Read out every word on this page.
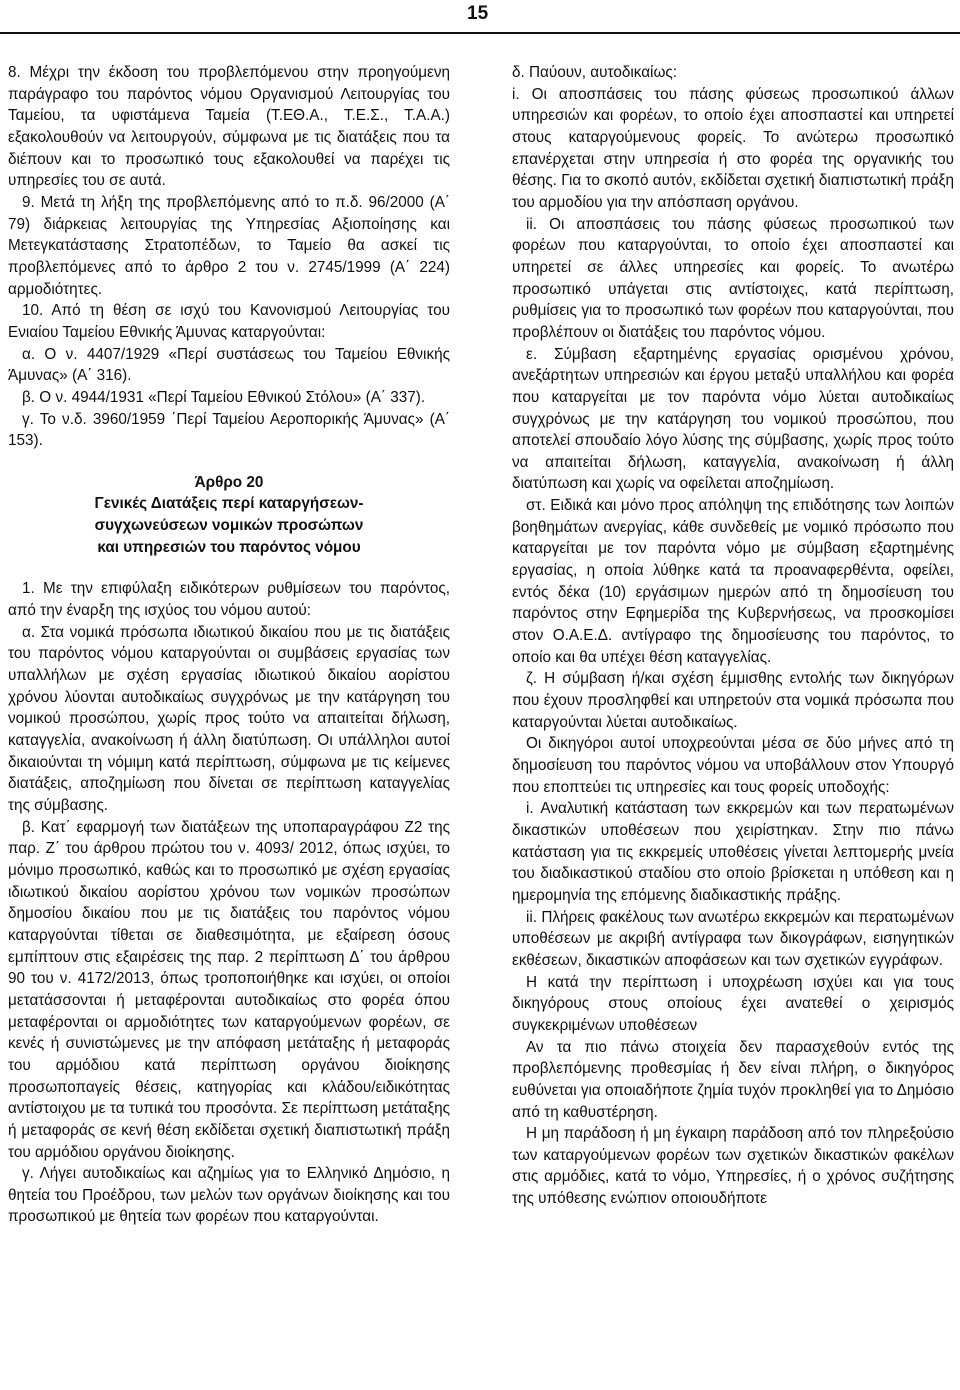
15

8. Μέχρι την έκδοση του προβλεπόμενου στην προηγούμενη παράγραφο του παρόντος νόμου Οργανισμού Λειτουργίας του Ταμείου, τα υφιστάμενα Ταμεία (Τ.ΕΘ.Α., Τ.Ε.Σ., Τ.Α.Α.) εξακολουθούν να λειτουργούν, σύμφωνα με τις διατάξεις που τα διέπουν και το προσωπικό τους εξακολουθεί να παρέχει τις υπηρεσίες του σε αυτά.

9. Μετά τη λήξη της προβλεπόμενης από το π.δ. 96/2000 (Α΄ 79) διάρκειας λειτουργίας της Υπηρεσίας Αξιοποίησης και Μετεγκατάστασης Στρατοπέδων, το Ταμείο θα ασκεί τις προβλεπόμενες από το άρθρο 2 του ν. 2745/1999 (Α΄ 224) αρμοδιότητες.

10. Από τη θέση σε ισχύ του Κανονισμού Λειτουργίας του Ενιαίου Ταμείου Εθνικής Άμυνας καταργούνται:

α. Ο ν. 4407/1929 «Περί συστάσεως του Ταμείου Εθνικής Άμυνας» (Α΄ 316).

β. Ο ν. 4944/1931 «Περί Ταμείου Εθνικού Στόλου» (Α΄ 337).

γ. Το ν.δ. 3960/1959 ΄Περί Ταμείου Αεροπορικής Άμυνας» (Α΄ 153).

Άρθρο 20
Γενικές Διατάξεις περί καταργήσεων-
συγχωνεύσεων νομικών προσώπων
και υπηρεσιών του παρόντος νόμου

1. Με την επιφύλαξη ειδικότερων ρυθμίσεων του παρόντος, από την έναρξη της ισχύος του νόμου αυτού:

α. Στα νομικά πρόσωπα ιδιωτικού δικαίου που με τις διατάξεις του παρόντος νόμου καταργούνται οι συμβάσεις εργασίας των υπαλλήλων με σχέση εργασίας ιδιωτικού δικαίου αορίστου χρόνου λύονται αυτοδικαίως συγχρόνως με την κατάργηση του νομικού προσώπου, χωρίς προς τούτο να απαιτείται δήλωση, καταγγελία, ανακοίνωση ή άλλη διατύπωση. Οι υπάλληλοι αυτοί δικαιούνται τη νόμιμη κατά περίπτωση, σύμφωνα με τις κείμενες διατάξεις, αποζημίωση που δίνεται σε περίπτωση καταγγελίας της σύμβασης.

β. Κατ΄ εφαρμογή των διατάξεων της υποπαραγράφου Ζ2 της παρ. Ζ΄ του άρθρου πρώτου του ν. 4093/ 2012, όπως ισχύει, το μόνιμο προσωπικό, καθώς και το προσωπικό με σχέση εργασίας ιδιωτικού δικαίου αορίστου χρόνου των νομικών προσώπων δημοσίου δικαίου που με τις διατάξεις του παρόντος νόμου καταργούνται τίθεται σε διαθεσιμότητα, με εξαίρεση όσους εμπίπτουν στις εξαιρέσεις της παρ. 2 περίπτωση Δ΄ του άρθρου 90 του ν. 4172/2013, όπως τροποποιήθηκε και ισχύει, οι οποίοι μετατάσσονται ή μεταφέρονται αυτοδικαίως στο φορέα όπου μεταφέρονται οι αρμοδιότητες των καταργούμενων φορέων, σε κενές ή συνιστώμενες με την απόφαση μετάταξης ή μεταφοράς του αρμόδιου κατά περίπτωση οργάνου διοίκησης προσωποπαγείς θέσεις, κατηγορίας και κλάδου/ειδικότητας αντίστοιχου με τα τυπικά του προσόντα. Σε περίπτωση μετάταξης ή μεταφοράς σε κενή θέση εκδίδεται σχετική διαπιστωτική πράξη του αρμόδιου οργάνου διοίκησης.

γ. Λήγει αυτοδικαίως και αζημίως για το Ελληνικό Δημόσιο, η θητεία του Προέδρου, των μελών των οργάνων διοίκησης και του προσωπικού με θητεία των φορέων που καταργούνται.

δ. Παύουν, αυτοδικαίως:

i. Οι αποσπάσεις του πάσης φύσεως προσωπικού άλλων υπηρεσιών και φορέων, το οποίο έχει αποσπαστεί και υπηρετεί στους καταργούμενους φορείς. Το ανώτερω προσωπικό επανέρχεται στην υπηρεσία ή στο φορέα της οργανικής του θέσης. Για το σκοπό αυτόν, εκδίδεται σχετική διαπιστωτική πράξη του αρμοδίου για την απόσπαση οργάνου.

ii. Οι αποσπάσεις του πάσης φύσεως προσωπικού των φορέων που καταργούνται, το οποίο έχει αποσπαστεί και υπηρετεί σε άλλες υπηρεσίες και φορείς. Το ανωτέρω προσωπικό υπάγεται στις αντίστοιχες, κατά περίπτωση, ρυθμίσεις για το προσωπικό των φορέων που καταργούνται, που προβλέπουν οι διατάξεις του παρόντος νόμου.

ε. Σύμβαση εξαρτημένης εργασίας ορισμένου χρόνου, ανεξάρτητων υπηρεσιών και έργου μεταξύ υπαλλήλου και φορέα που καταργείται με τον παρόντα νόμο λύεται αυτοδικαίως συγχρόνως με την κατάργηση του νομικού προσώπου, που αποτελεί σπουδαίο λόγο λύσης της σύμβασης, χωρίς προς τούτο να απαιτείται δήλωση, καταγγελία, ανακοίνωση ή άλλη διατύπωση και χωρίς να οφείλεται αποζημίωση.

στ. Ειδικά και μόνο προς απόληψη της επιδότησης των λοιπών βοηθημάτων ανεργίας, κάθε συνδεθείς με νομικό πρόσωπο που καταργείται με τον παρόντα νόμο με σύμβαση εξαρτημένης εργασίας, η οποία λύθηκε κατά τα προαναφερθέντα, οφείλει, εντός δέκα (10) εργάσιμων ημερών από τη δημοσίευση του παρόντος στην Εφημερίδα της Κυβερνήσεως, να προσκομίσει στον Ο.Α.Ε.Δ. αντίγραφο της δημοσίευσης του παρόντος, το οποίο και θα υπέχει θέση καταγγελίας.

ζ. Η σύμβαση ή/και σχέση έμμισθης εντολής των δικηγόρων που έχουν προσληφθεί και υπηρετούν στα νομικά πρόσωπα που καταργούνται λύεται αυτοδικαίως.

Οι δικηγόροι αυτοί υποχρεούνται μέσα σε δύο μήνες από τη δημοσίευση του παρόντος νόμου να υποβάλλουν στον Υπουργό που εποπτεύει τις υπηρεσίες και τους φορείς υποδοχής:

i. Αναλυτική κατάσταση των εκκρεμών και των περατωμένων δικαστικών υποθέσεων που χειρίστηκαν. Στην πιο πάνω κατάσταση για τις εκκρεμείς υποθέσεις γίνεται λεπτομερής μνεία του διαδικαστικού σταδίου στο οποίο βρίσκεται η υπόθεση και η ημερομηνία της επόμενης διαδικαστικής πράξης.

ii. Πλήρεις φακέλους των ανωτέρω εκκρεμών και περατωμένων υποθέσεων με ακριβή αντίγραφα των δικογράφων, εισηγητικών εκθέσεων, δικαστικών αποφάσεων και των σχετικών εγγράφων.

Η κατά την περίπτωση i υποχρέωση ισχύει και για τους δικηγόρους στους οποίους έχει ανατεθεί ο χειρισμός συγκεκριμένων υποθέσεων

Αν τα πιο πάνω στοιχεία δεν παρασχεθούν εντός της προβλεπόμενης προθεσμίας ή δεν είναι πλήρη, ο δικηγόρος ευθύνεται για οποιαδήποτε ζημία τυχόν προκληθεί για το Δημόσιο από τη καθυστέρηση.

Η μη παράδοση ή μη έγκαιρη παράδοση από τον πληρεξούσιο των καταργούμενων φορέων των σχετικών δικαστικών φακέλων στις αρμόδιες, κατά το νόμο, Υπηρεσίες, ή ο χρόνος συζήτησης της υπόθεσης ενώπιον οποιουδήποτε
